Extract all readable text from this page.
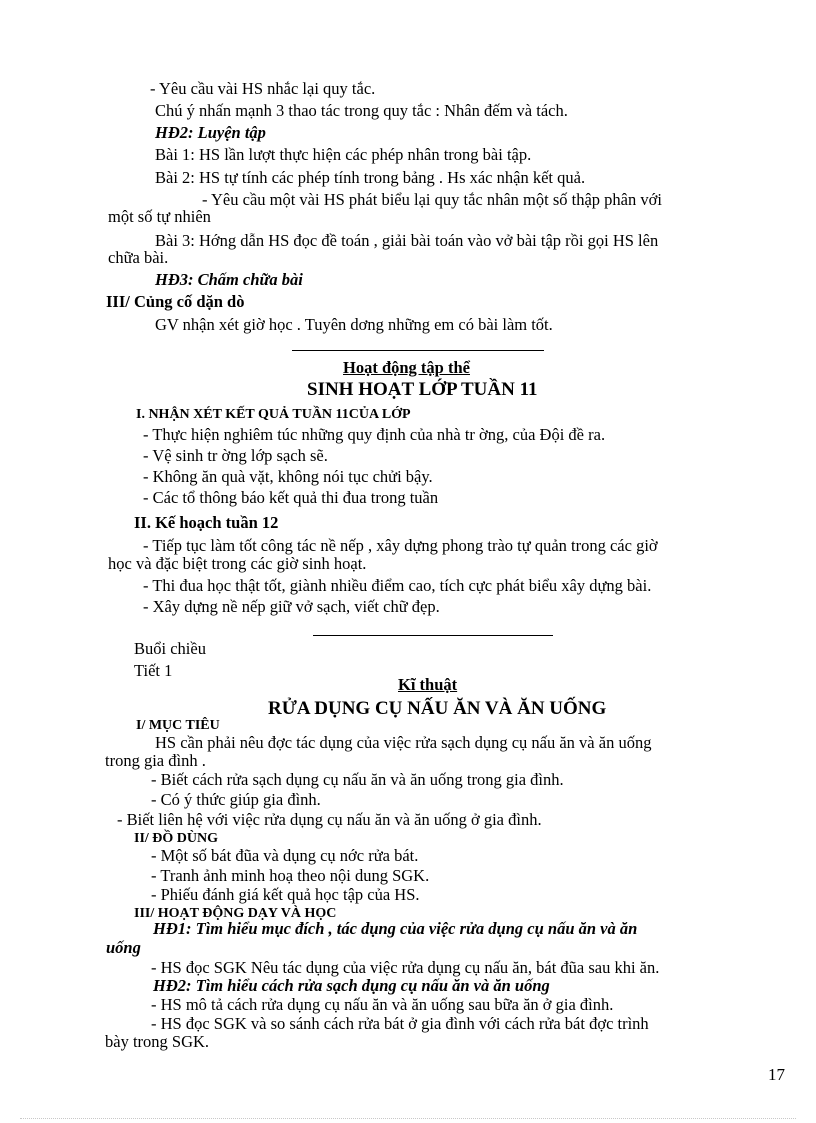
- Yêu cầu vài HS nhắc lại quy tắc.
Chú ý nhấn mạnh 3 thao tác trong quy tắc : Nhân đếm và tách.
HĐ2: Luyện tập
Bài 1: HS lần lượt thực hiện các phép nhân trong bài tập.
Bài 2: HS tự tính các phép tính trong bảng . Hs xác nhận kết quả.
- Yêu cầu một vài HS phát biểu lại quy tắc nhân một số thập phân với
một số tự nhiên
Bài 3: Hớng dẫn HS đọc đề toán , giải bài toán vào vở bài tập rồi gọi HS lên
chữa bài.
HĐ3: Chấm chữa bài
III/ Củng cố dặn dò
GV nhận xét giờ học . Tuyên dơng những em có bài làm tốt.
Hoạt động tập thể
SINH HOẠT LỚP TUẦN 11
I. NHẬN XÉT KẾT QUẢ TUẦN 11CỦA LỚP
- Thực hiện nghiêm túc những quy định của nhà tr ờng, của Đội đề ra.
- Vệ sinh tr ờng lớp sạch sẽ.
- Không ăn quà vặt, không nói tục chửi bậy.
- Các tổ thông báo kết quả thi đua trong tuần
II. Kế hoạch tuần 12
- Tiếp tục làm tốt công tác nề nếp , xây dựng phong trào tự quản trong các giờ
học và đặc biệt trong các giờ sinh hoạt.
- Thi đua học thật tốt, giành nhiều điểm cao, tích cực phát biểu xây dựng bài.
- Xây dựng nề nếp giữ vở sạch, viết chữ đẹp.
Buổi chiều
Tiết 1
Kĩ thuật
RỬA DỤNG CỤ NẤU ĂN VÀ ĂN UỐNG
I/ MỤC TIÊU
HS cần phải nêu đợc tác dụng của việc rửa sạch dụng cụ nấu ăn và ăn uống
trong gia đình .
- Biết cách rửa sạch dụng cụ nấu ăn và ăn uống trong gia đình.
- Có ý thức giúp gia đình.
- Biết liên hệ với việc rửa dụng cụ nấu ăn và ăn uống ở gia đình.
II/ ĐỒ DÙNG
- Một số bát đũa và dụng cụ nớc rửa bát.
- Tranh ảnh minh hoạ theo nội dung SGK.
- Phiếu đánh giá kết quả học tập của HS.
III/ HOẠT ĐỘNG DẠY VÀ HỌC
HĐ1: Tìm hiểu mục đích , tác dụng của việc rửa dụng cụ nấu ăn và ăn
uống
- HS đọc SGK Nêu tác dụng của việc rửa dụng cụ nấu ăn, bát đũa sau khi ăn.
HĐ2: Tìm hiểu cách rửa sạch dụng cụ nấu ăn và ăn uống
- HS mô tả cách rửa dụng cụ nấu ăn và ăn uống sau bữa ăn ở gia đình.
- HS đọc SGK và so sánh cách rửa bát ở gia đình với cách rửa bát đợc trình
bày trong SGK.
17
